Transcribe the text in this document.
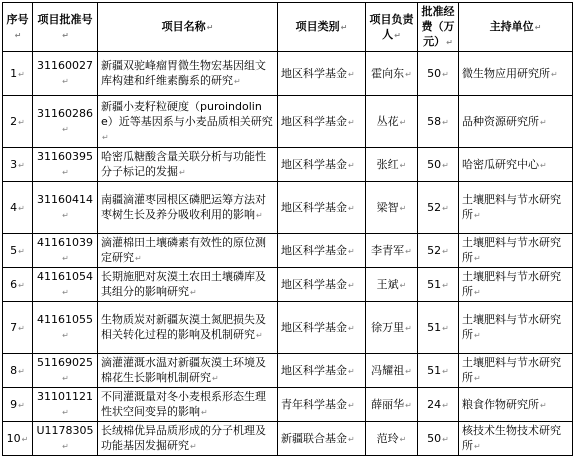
序号↵	项目批准号↵	项目名称↵	项目类别↵	项目负责人↵	批准经费（万元）↵	主持单位↵
1↵	31160027↵	新疆双驼峰瘤胃微生物宏基因组文库构建和纤维素酶系的研究↵	地区科学基金↵	霍向东↵	50↵	微生物应用研究所↵
2↵	31160286↵	新疆小麦籽粒硬度（puroindoline）近等基因系与小麦品质相关研究↵	地区科学基金↵	丛花↵	58↵	品种资源研究所↵
3↵	31160395↵	哈密瓜糖酸含量关联分析与功能性分子标记的发掘↵	地区科学基金↵	张红↵	50↵	哈密瓜研究中心↵
4↵	31160414↵	南疆滴灌枣园根区磷肥运筹方法对枣树生长及养分吸收利用的影响↵	地区科学基金↵	梁智↵	52↵	土壤肥料与节水研究所↵
5↵	41161039↵	滴灌棉田土壤磷素有效性的原位测定研究↵	地区科学基金↵	李青军↵	52↵	土壤肥料与节水研究所↵
6↵	41161054↵	长期施肥对灰漠土农田土壤磷库及其组分的影响研究↵	地区科学基金↵	王斌↵	51↵	土壤肥料与节水研究所↵
7↵	41161055↵	生物质炭对新疆灰漠土氮肥损失及相关转化过程的影响及机制研究↵	地区科学基金↵	徐万里↵	51↵	土壤肥料与节水研究所↵
8↵	51169025↵	滴灌灌溉水温对新疆灰漠土环境及棉花生长影响机制研究↵	地区科学基金↵	冯耀祖↵	51↵	土壤肥料与节水研究所↵
9↵	31101121↵	不同灌溉量对冬小麦根系形态生理性状空间变异的影响↵	青年科学基金↵	薛丽华↵	24↵	粮食作物研究所↵
10↵	U1178305↵	长绒棉优异品质形成的分子机理及功能基因发掘研究↵	新疆联合基金↵	范玲↵	50↵	核技术生物技术研究所↵
